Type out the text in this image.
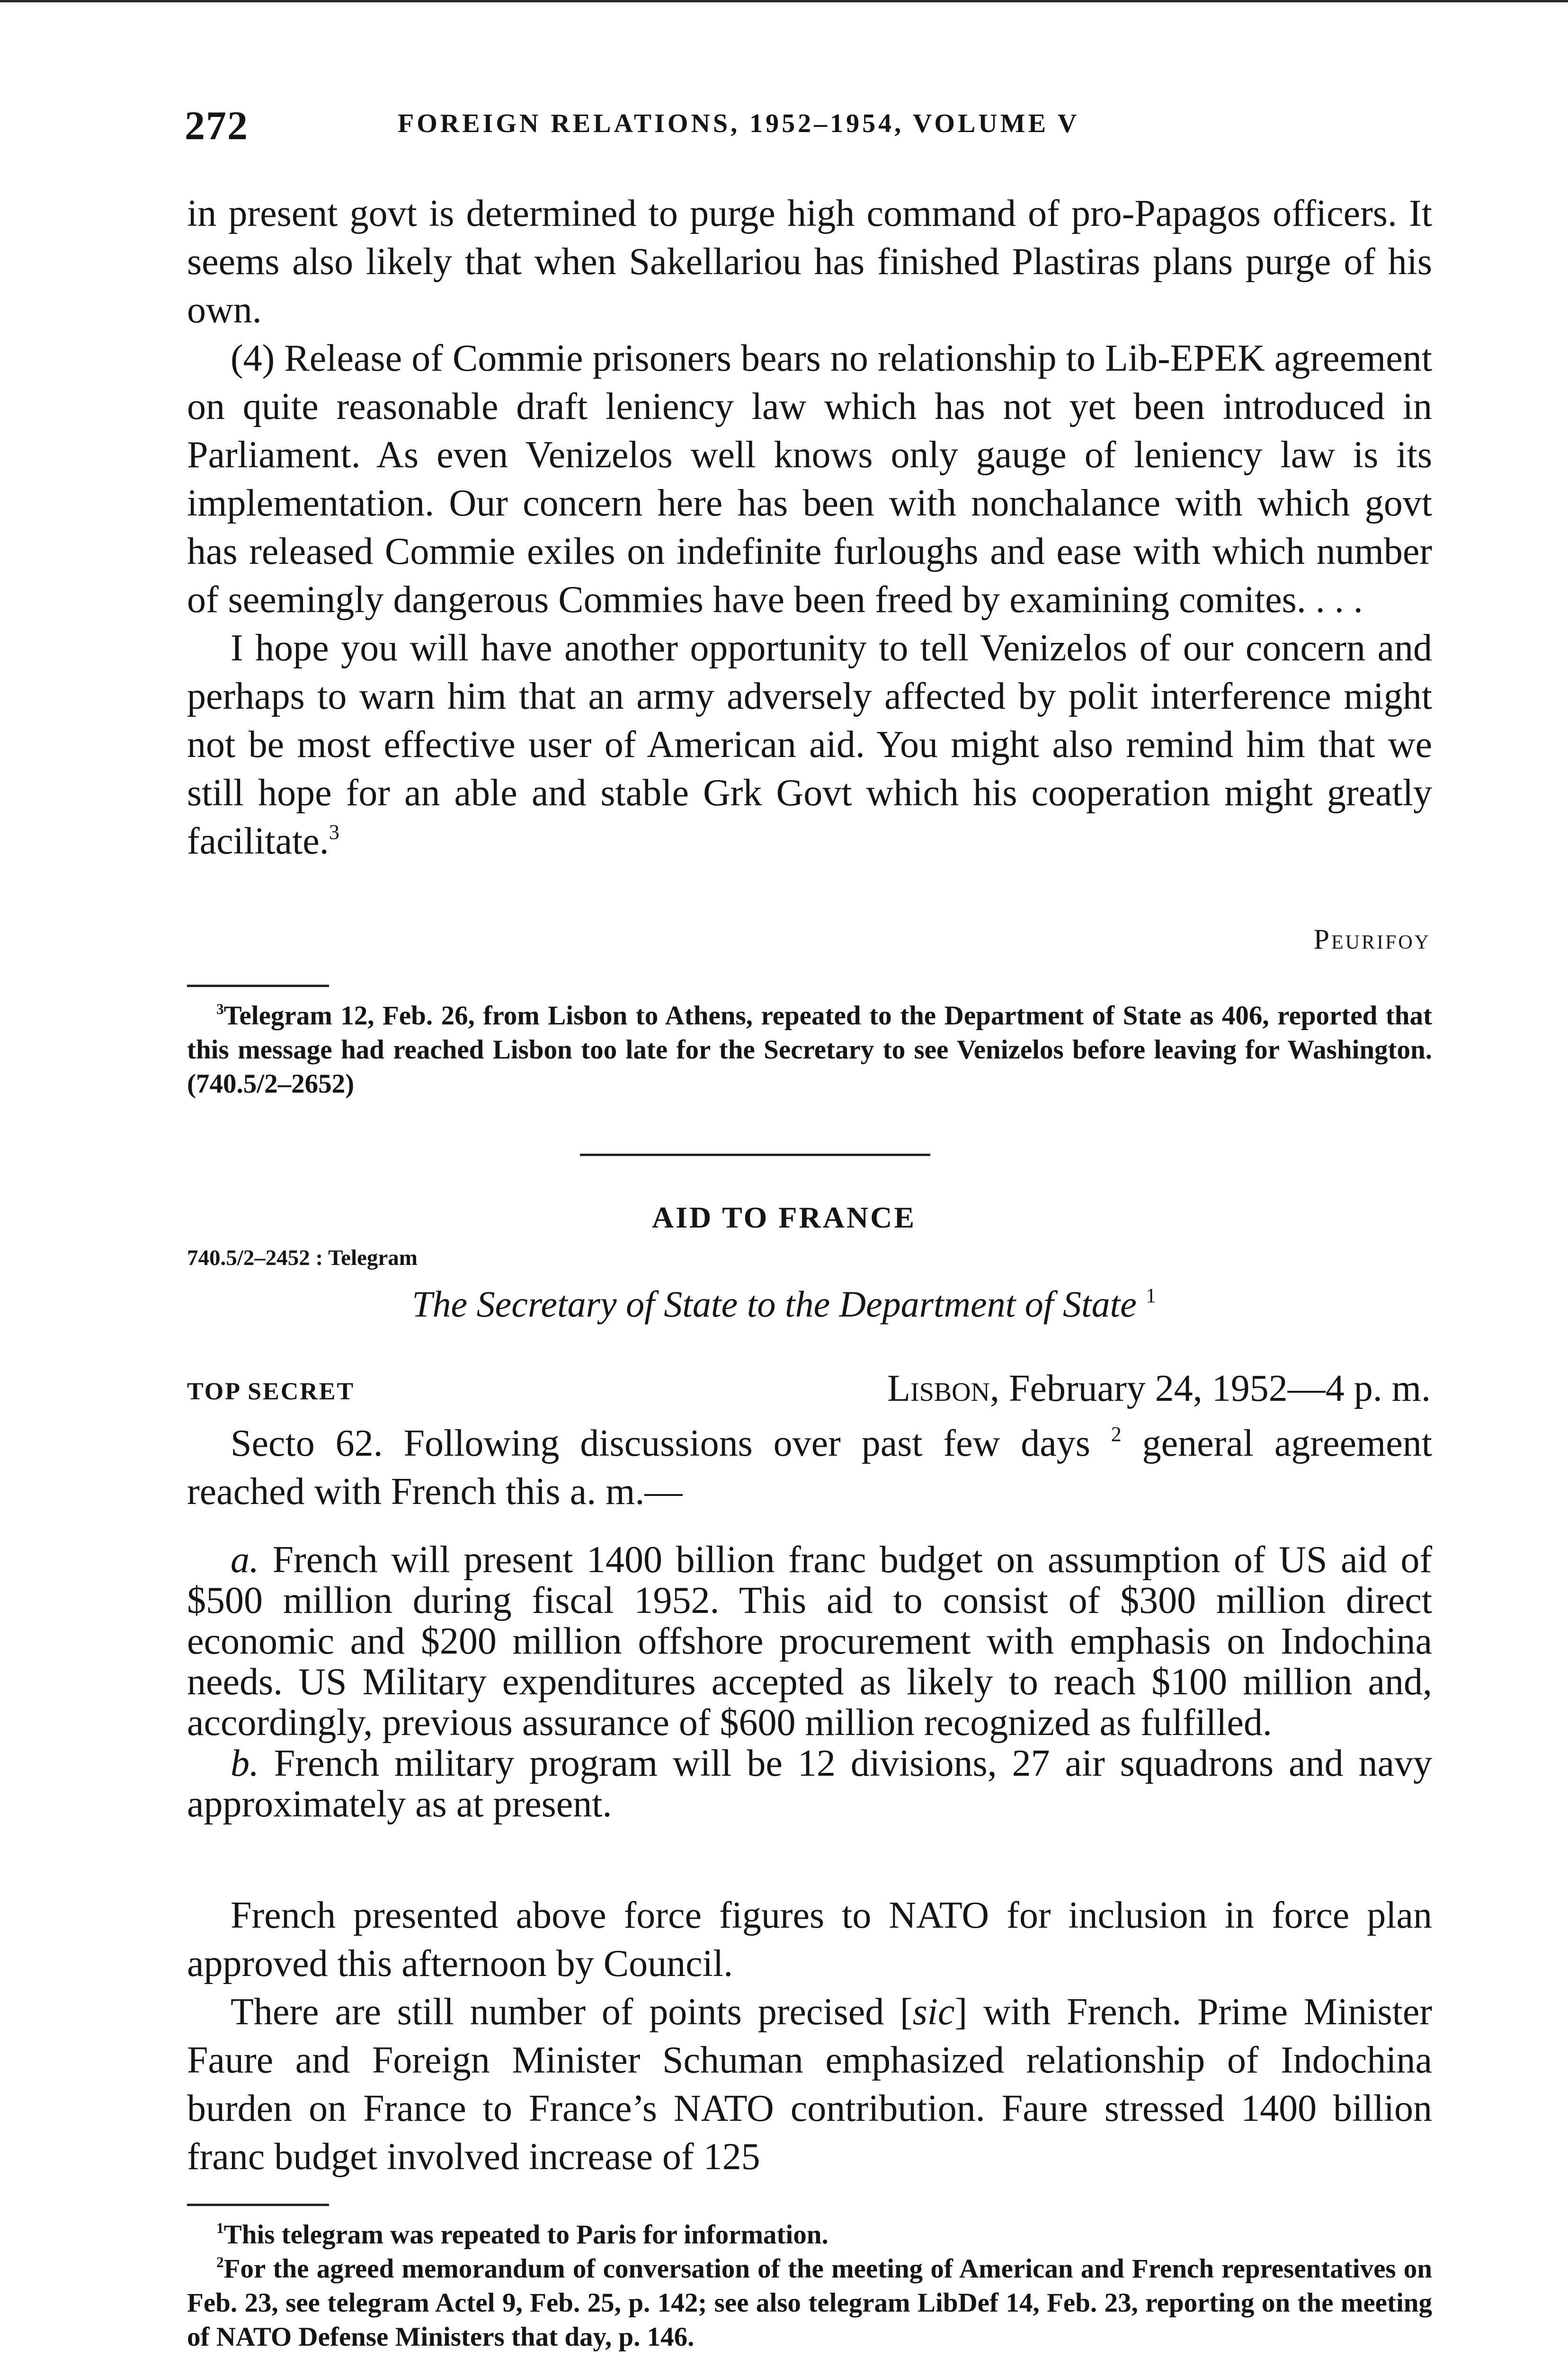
272	FOREIGN RELATIONS, 1952–1954, VOLUME V

in present govt is determined to purge high command of pro-Papagos officers. It seems also likely that when Sakellariou has finished Plastiras plans purge of his own.

(4) Release of Commie prisoners bears no relationship to Lib-EPEK agreement on quite reasonable draft leniency law which has not yet been introduced in Parliament. As even Venizelos well knows only gauge of leniency law is its implementation. Our concern here has been with nonchalance with which govt has released Commie exiles on indefinite furloughs and ease with which number of seemingly dangerous Commies have been freed by examining comites. . . .

I hope you will have another opportunity to tell Venizelos of our concern and perhaps to warn him that an army adversely affected by polit interference might not be most effective user of American aid. You might also remind him that we still hope for an able and stable Grk Govt which his cooperation might greatly facilitate.$^3$

Peurifoy

$^3$Telegram 12, Feb. 26, from Lisbon to Athens, repeated to the Department of State as 406, reported that this message had reached Lisbon too late for the Secretary to see Venizelos before leaving for Washington. (740.5/2–2652)

AID TO FRANCE
740.5/2–2452 : Telegram
The Secretary of State to the Department of State $^1$
TOP SECRET	Lisbon, February 24, 1952—4 p. m.

Secto 62. Following discussions over past few days $^2$ general agreement reached with French this a. m.—

a. French will present 1400 billion franc budget on assumption of US aid of $500 million during fiscal 1952. This aid to consist of $300 million direct economic and $200 million offshore procurement with emphasis on Indochina needs. US Military expenditures accepted as likely to reach $100 million and, accordingly, previous assurance of $600 million recognized as fulfilled.

b. French military program will be 12 divisions, 27 air squadrons and navy approximately as at present.

French presented above force figures to NATO for inclusion in force plan approved this afternoon by Council.

There are still number of points precised [sic] with French. Prime Minister Faure and Foreign Minister Schuman emphasized relationship of Indochina burden on France to France’s NATO contribution. Faure stressed 1400 billion franc budget involved increase of 125

$^1$This telegram was repeated to Paris for information.

$^2$For the agreed memorandum of conversation of the meeting of American and French representatives on Feb. 23, see telegram Actel 9, Feb. 25, p. 142; see also telegram LibDef 14, Feb. 23, reporting on the meeting of NATO Defense Ministers that day, p. 146.
